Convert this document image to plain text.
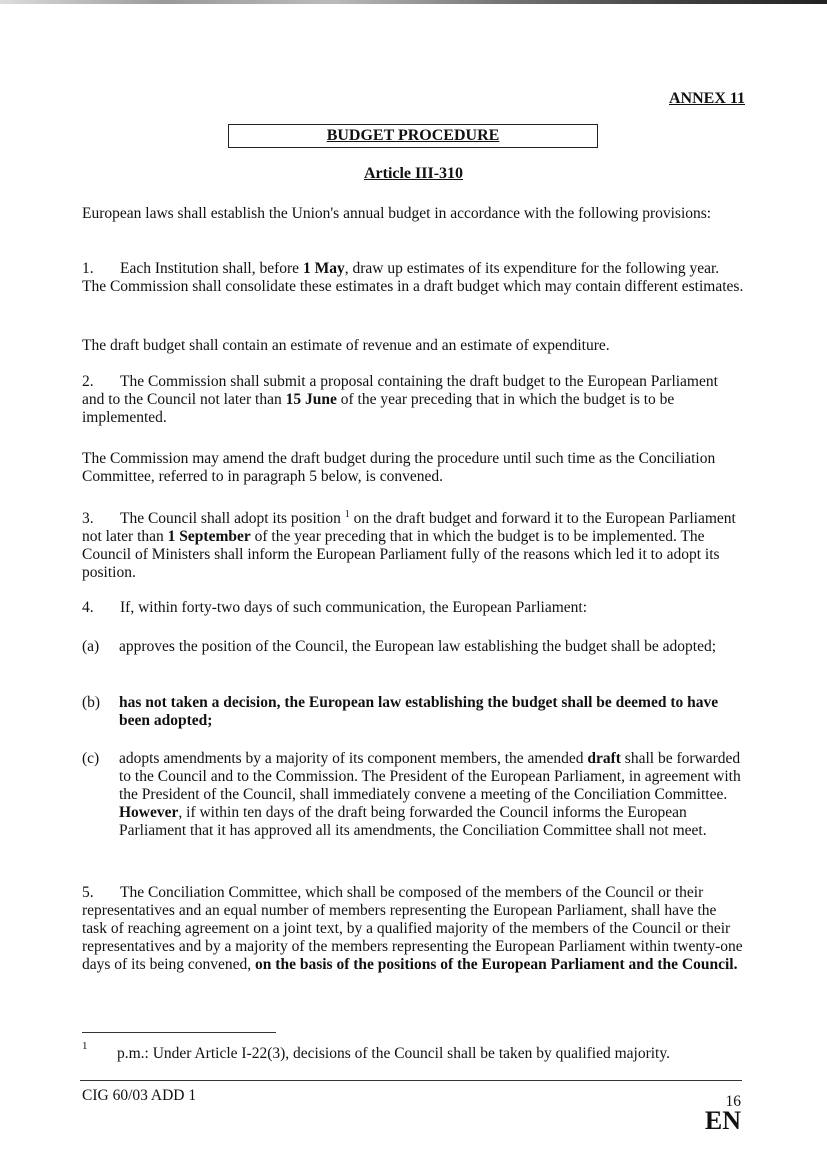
ANNEX 11
BUDGET PROCEDURE
Article III-310
European laws shall establish the Union's annual budget in accordance with the following provisions:
1. Each Institution shall, before 1 May, draw up estimates of its expenditure for the following year. The Commission shall consolidate these estimates in a draft budget which may contain different estimates.
The draft budget shall contain an estimate of revenue and an estimate of expenditure.
2. The Commission shall submit a proposal containing the draft budget to the European Parliament and to the Council not later than 15 June of the year preceding that in which the budget is to be implemented.
The Commission may amend the draft budget during the procedure until such time as the Conciliation Committee, referred to in paragraph 5 below, is convened.
3. The Council shall adopt its position $^1$ on the draft budget and forward it to the European Parliament not later than 1 September of the year preceding that in which the budget is to be implemented. The Council of Ministers shall inform the European Parliament fully of the reasons which led it to adopt its position.
4. If, within forty-two days of such communication, the European Parliament:
(a) approves the position of the Council, the European law establishing the budget shall be adopted;
(b) has not taken a decision, the European law establishing the budget shall be deemed to have been adopted;
(c) adopts amendments by a majority of its component members, the amended draft shall be forwarded to the Council and to the Commission. The President of the European Parliament, in agreement with the President of the Council, shall immediately convene a meeting of the Conciliation Committee. However, if within ten days of the draft being forwarded the Council informs the European Parliament that it has approved all its amendments, the Conciliation Committee shall not meet.
5. The Conciliation Committee, which shall be composed of the members of the Council or their representatives and an equal number of members representing the European Parliament, shall have the task of reaching agreement on a joint text, by a qualified majority of the members of the Council or their representatives and by a majority of the members representing the European Parliament within twenty-one days of its being convened, on the basis of the positions of the European Parliament and the Council.
1 p.m.: Under Article I-22(3), decisions of the Council shall be taken by qualified majority.
CIG 60/03 ADD 1	16
EN
